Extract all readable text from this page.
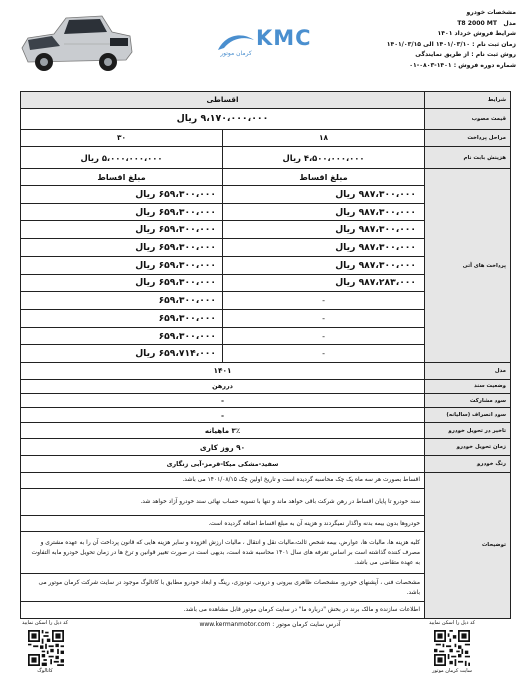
KMC
کرمان موتور
مشخصات خودرو
مدل   T8 2000 MT
شرایط فروش خرداد ۱۴۰۱
زمان ثبت نام : ۱۴۰۱/۰۳/۱۰ الی ۱۴۰۱/۰۳/۱۵
روش ثبت نام : از طریق نمایندگی
شماره دوره فروش : ۱۴۰۱-۰۸۰۳-۰۱
شرایط	اقساطی	
قیمت مصوب	۹،۱۷۰،۰۰۰،۰۰۰ ریال	
مراحل پرداخت	۱۸	۳۰
هزینش بابت نام	۴،۵۰۰،۰۰۰،۰۰۰ ریال	۵،۰۰۰،۰۰۰،۰۰۰ ریال
پرداخت های آتی	مبلغ اقساط	مبلغ اقساط
	۹۸۷،۳۰۰،۰۰۰ ریال	۶۵۹،۳۰۰،۰۰۰ ریال
	۹۸۷،۳۰۰،۰۰۰ ریال	۶۵۹،۳۰۰،۰۰۰ ریال
	۹۸۷،۳۰۰،۰۰۰ ریال	۶۵۹،۳۰۰،۰۰۰ ریال
	۹۸۷،۳۰۰،۰۰۰ ریال	۶۵۹،۳۰۰،۰۰۰ ریال
	۹۸۷،۳۰۰،۰۰۰ ریال	۶۵۹،۳۰۰،۰۰۰ ریال
	۹۸۷،۲۸۳،۰۰۰ ریال	۶۵۹،۳۰۰،۰۰۰ ریال
	-	۶۵۹،۳۰۰،۰۰۰
	-	۶۵۹،۳۰۰،۰۰۰
	-	۶۵۹،۳۰۰،۰۰۰
	-	۶۵۹،۷۱۴،۰۰۰ ریال
مدل	۱۴۰۱	
وضعیت سند	دررهن	
سود مشارکت	-	
سود انصراف (سالیانه)	-	
تاخیر در تحویل خودرو	۳٪ ماهیانه	
زمان تحویل خودرو	۹۰ روز کاری	
رنگ خودرو	سفید-مشکی میکا-قرمز-آبی زنگاری	
توضیحات	اقساط بصورت هر سه ماه یک چک محاسبه گردیده است و تاریخ اولین چک ۱۴۰۱/۰۸/۱۵ می باشد.	
	سند خودرو تا پایان اقساط در رهن شرکت باقی خواهد ماند و تنها با تسویه حساب نهائی سند خودرو آزاد خواهد شد.	
	خودروها بدون بیمه بدنه واگذار نمیگردند و هزینه آن به مبلغ اقساط اضافه گردیده است.	
	کلیه هزینه ها، مالیات ها، عوارض، بیمه شخص ثالث،مالیات نقل و انتقال ، مالیات ارزش افزوده و سایر هزینه هایی که قانون پرداخت آن را به عهده مشتری و مصرف کننده گذاشته است بر اساس تعرفه های سال ۱۴۰۱ محاسبه شده است، بدیهی است در صورت تغییر قوانین و ترخ ها در زمان تحویل خودرو مابه التفاوت به عهده متقاضی می باشد.	
	مشخصات فنی ، آپشنهای خودرو، مشخصات ظاهری بیرونی و درونی، تودوزی، رینگ و ابعاد خودرو مطابق با کاتالوگ موجود در سایت شرکت کرمان موتور می باشد.	
	اطلاعات سازنده و مالک برند در بخش "درباره ما" در سایت کرمان موتور قابل مشاهده می باشد.	
کد ذیل را اسکن نمایید
کاتالوگ
آدرس سایت کرمان موتور : www.kermanmotor.com	کد ذیل را اسکن نمایید
سایت کرمان موتور
